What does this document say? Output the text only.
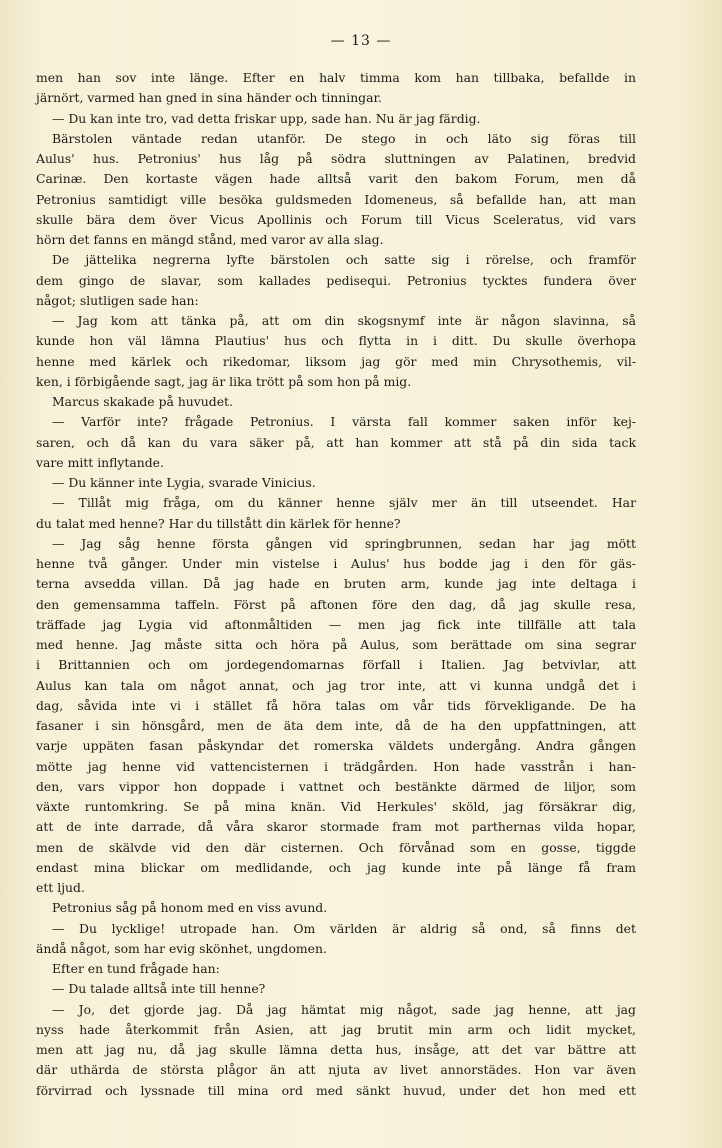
— 13 —
men han sov inte länge. Efter en halv timma kom han tillbaka, befallde in
järnört, varmed han gned in sina händer och tinningar.
— Du kan inte tro, vad detta friskar upp, sade han. Nu är jag färdig.
Bärstolen väntade redan utanför. De stego in och läto sig föras till
Aulus' hus. Petronius' hus låg på södra sluttningen av Palatinen, bredvid
Carinæ. Den kortaste vägen hade alltså varit den bakom Forum, men då
Petronius samtidigt ville besöka guldsmeden Idomeneus, så befallde han, att man
skulle bära dem över Vicus Apollinis och Forum till Vicus Sceleratus, vid vars
hörn det fanns en mängd stånd, med varor av alla slag.
De jättelika negrerna lyfte bärstolen och satte sig i rörelse, och framför
dem gingo de slavar, som kallades pedisequi. Petronius tycktes fundera över
något; slutligen sade han:
— Jag kom att tänka på, att om din skogsnymf inte är någon slavinna, så
kunde hon väl lämna Plautius' hus och flytta in i ditt. Du skulle överhopa
henne med kärlek och rikedomar, liksom jag gör med min Chrysothemis, vil-
ken, i förbigående sagt, jag är lika trött på som hon på mig.
Marcus skakade på huvudet.
— Varför inte? frågade Petronius. I värsta fall kommer saken inför kej-
saren, och då kan du vara säker på, att han kommer att stå på din sida tack
vare mitt inflytande.
— Du känner inte Lygia, svarade Vinicius.
— Tillåt mig fråga, om du känner henne själv mer än till utseendet. Har
du talat med henne? Har du tillstått din kärlek för henne?
— Jag såg henne första gången vid springbrunnen, sedan har jag mött
henne två gånger. Under min vistelse i Aulus' hus bodde jag i den för gäs-
terna avsedda villan. Då jag hade en bruten arm, kunde jag inte deltaga i
den gemensamma taffeln. Först på aftonen före den dag, då jag skulle resa,
träffade jag Lygia vid aftonmåltiden — men jag fick inte tillfälle att tala
med henne. Jag måste sitta och höra på Aulus, som berättade om sina segrar
i Brittannien och om jordegendomarnas förfall i Italien. Jag betvivlar, att
Aulus kan tala om något annat, och jag tror inte, att vi kunna undgå det i
dag, såvida inte vi i stället få höra talas om vår tids förvekligande. De ha
fasaner i sin hönsgård, men de äta dem inte, då de ha den uppfattningen, att
varje uppäten fasan påskyndar det romerska väldets undergång. Andra gången
mötte jag henne vid vattencisternen i trädgården. Hon hade vasstrån i han-
den, vars vippor hon doppade i vattnet och bestänkte därmed de liljor, som
växte runtomkring. Se på mina knän. Vid Herkules' sköld, jag försäkrar dig,
att de inte darrade, då våra skaror stormade fram mot parthernas vilda hopar,
men de skälvde vid den där cisternen. Och förvånad som en gosse, tiggde
endast mina blickar om medlidande, och jag kunde inte på länge få fram
ett ljud.
Petronius såg på honom med en viss avund.
— Du lycklige! utropade han. Om världen är aldrig så ond, så finns det
ändå något, som har evig skönhet, ungdomen.
Efter en tund frågade han:
— Du talade alltså inte till henne?
— Jo, det gjorde jag. Då jag hämtat mig något, sade jag henne, att jag
nyss hade återkommit från Asien, att jag brutit min arm och lidit mycket,
men att jag nu, då jag skulle lämna detta hus, insåge, att det var bättre att
där uthärda de största plågor än att njuta av livet annorstädes. Hon var även
förvirrad och lyssnade till mina ord med sänkt huvud, under det hon med ett
